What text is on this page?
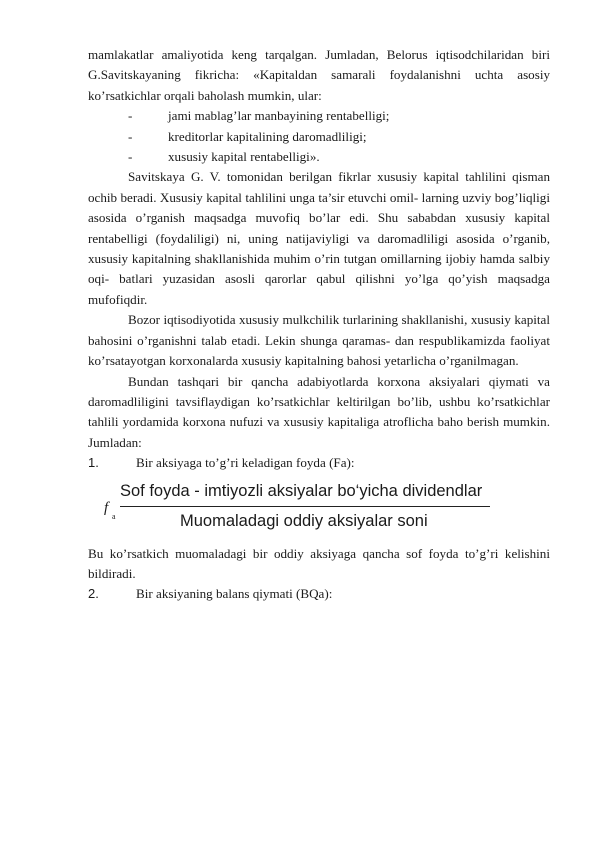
mamlakatlar amaliyotida keng tarqalgan. Jumladan, Belorus iqtisodchilaridan biri G.Savitskayaning fikricha: «Kapitaldan samarali foydalanishni uchta asosiy ko’rsatkichlar orqali baholash mumkin, ular:

-	jami mablag’lar manbayining rentabelligi;
-	kreditorlar kapitalining daromadliligi;
-	xususiy kapital rentabelligi».

Savitskaya G. V. tomonidan berilgan fikrlar xususiy kapital tahlilini qisman ochib beradi. Xususiy kapital tahlilini unga ta’sir etuvchi omil- larning uzviy bog’liqligi asosida o’rganish maqsadga muvofiq bo’lar edi. Shu sababdan xususiy kapital rentabelligi (foydaliligi) ni, uning natijaviyligi va daromadliligi asosida o’rganib, xususiy kapitalning shakllanishida muhim o’rin tutgan omillarning ijobiy hamda salbiy oqi- batlari yuzasidan asosli qarorlar qabul qilishni yo’lga qo’yish maqsadga mufofiqdir.

Bozor iqtisodiyotida xususiy mulkchilik turlarining shakllanishi, xususiy kapital bahosini o’rganishni talab etadi. Lekin shunga qaramas- dan respublikamizda faoliyat ko’rsatayotgan korxonalarda xususiy kapitalning bahosi yetarlicha o’rganilmagan.

Bundan tashqari bir qancha adabiyotlarda korxona aksiyalari qiymati va daromadliligini tavsiflaydigan ko’rsatkichlar keltirilgan bo’lib, ushbu ko’rsatkichlar tahlili yordamida korxona nufuzi va xususiy kapitaliga atroflicha baho berish mumkin. Jumladan:

1.	Bir aksiyaga to’g’ri keladigan foyda (Fa):
f
a
Sof foyda - imtiyozli aksiyalar bo‘yicha dividendlar
Muomaladagi oddiy aksiyalar soni

Bu ko’rsatkich muomaladagi bir oddiy aksiyaga qancha sof foyda to’g’ri kelishini bildiradi.

2.	Bir aksiyaning balans qiymati (BQa):
